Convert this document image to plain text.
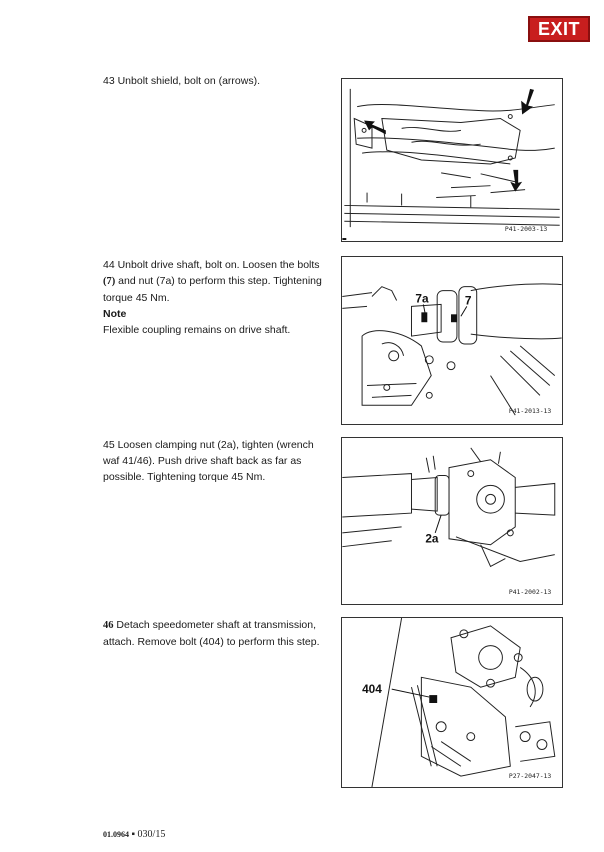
EXIT

43 Unbolt shield, bolt on (arrows).

44 Unbolt drive shaft, bolt on. Loosen the bolts

(7) and nut (7a) to perform this step. Tightening

torque 45 Nm.

Note

Flexible coupling remains on drive shaft.

45 Loosen clamping nut (2a), tighten (wrench waf 41/46). Push drive shaft back as far as possible. Tightening torque 45 Nm.

46 Detach speedometer shaft at transmission, attach. Remove bolt (404) to perform this step.

P41-2003-13
7a	7
P41-2013-13
2a
P41-2002-13
404
P27-2047-13
01.0964 ▪ 030/15
